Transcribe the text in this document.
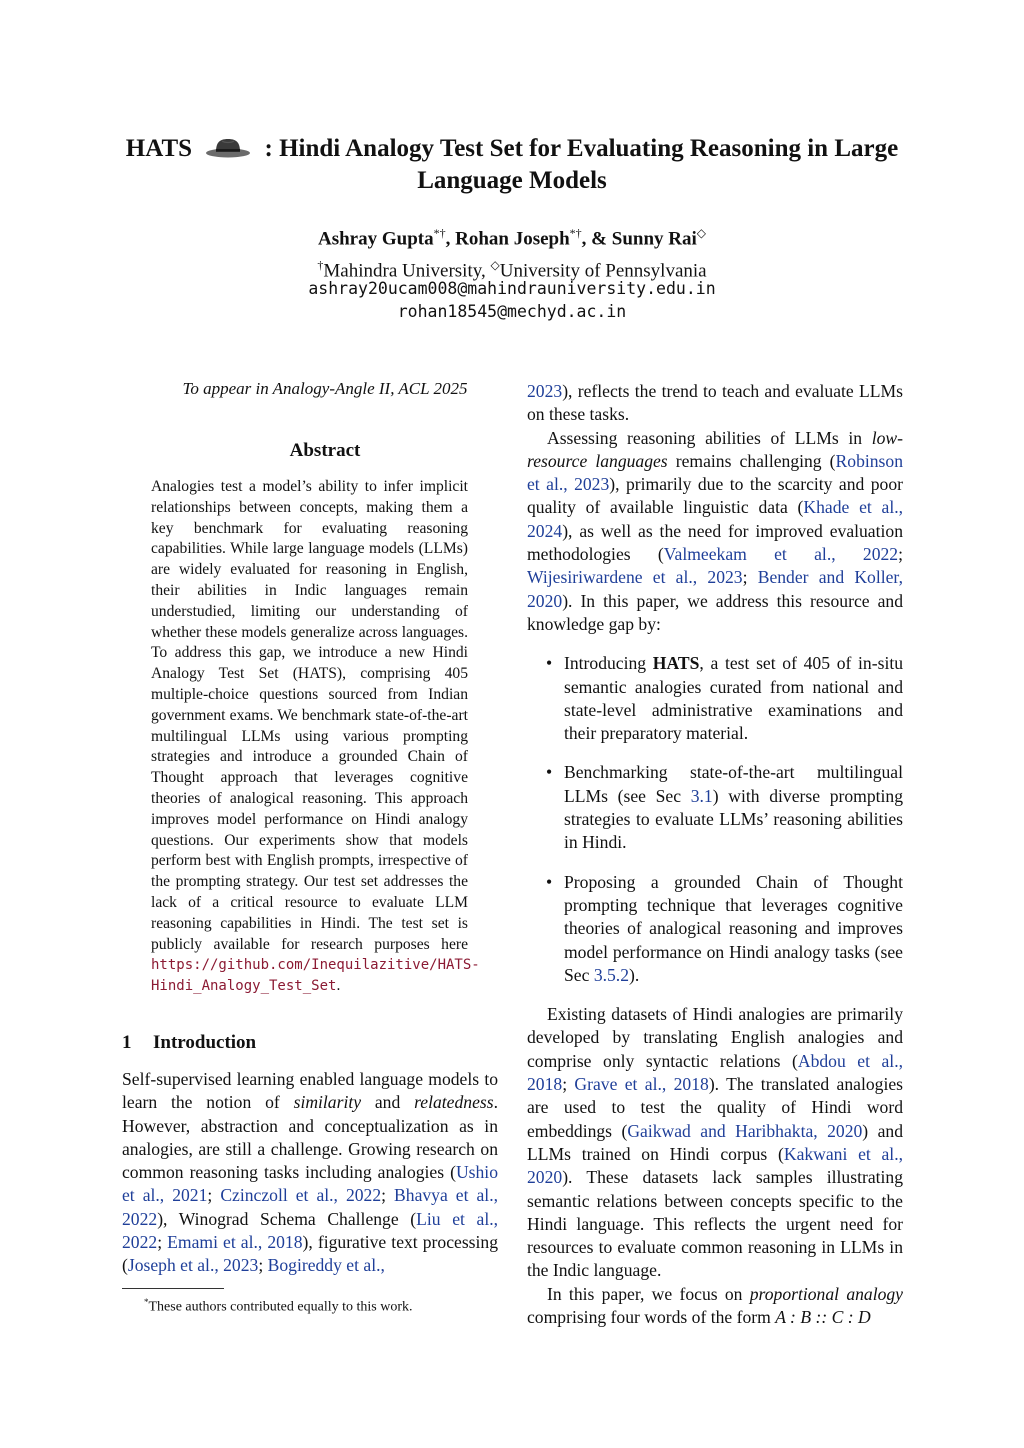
HATS	: Hindi Analogy Test Set for Evaluating Reasoning in Large
Language Models
Ashray Gupta*†, Rohan Joseph*†, & Sunny Rai◇
†Mahindra University, ◇University of Pennsylvania
ashray20ucam008@mahindrauniversity.edu.in
rohan18545@mechyd.ac.in
To appear in Analogy-Angle II, ACL 2025
Abstract
Analogies test a model’s ability to infer implicit relationships between concepts, making them a key benchmark for evaluating reasoning capabilities. While large language models (LLMs) are widely evaluated for reasoning in English, their abilities in Indic languages remain understudied, limiting our understanding of whether these models generalize across languages. To address this gap, we introduce a new Hindi Analogy Test Set (HATS), comprising 405 multiple-choice questions sourced from Indian government exams. We benchmark state-of-the-art multilingual LLMs using various prompting strategies and introduce a grounded Chain of Thought approach that leverages cognitive theories of analogical reasoning. This approach improves model performance on Hindi analogy questions. Our experiments show that models perform best with English prompts, irrespective of the prompting strategy. Our test set addresses the lack of a critical resource to evaluate LLM reasoning capabilities in Hindi. The test set is publicly available for research purposes here https://github.com/Inequilazitive/HATS-Hindi_Analogy_Test_Set.
1 Introduction
Self-supervised learning enabled language models to learn the notion of similarity and relatedness. However, abstraction and conceptualization as in analogies, are still a challenge. Growing research on common reasoning tasks including analogies (Ushio et al., 2021; Czinczoll et al., 2022; Bhavya et al., 2022), Winograd Schema Challenge (Liu et al., 2022; Emami et al., 2018), figurative text processing (Joseph et al., 2023; Bogireddy et al.,
*These authors contributed equally to this work.

2023), reflects the trend to teach and evaluate LLMs on these tasks.

Assessing reasoning abilities of LLMs in low-resource languages remains challenging (Robinson et al., 2023), primarily due to the scarcity and poor quality of available linguistic data (Khade et al., 2024), as well as the need for improved evaluation methodologies (Valmeekam et al., 2022; Wijesiriwardene et al., 2023; Bender and Koller, 2020). In this paper, we address this resource and knowledge gap by:

• Introducing HATS, a test set of 405 of in-situ semantic analogies curated from national and state-level administrative examinations and their preparatory material.
• Benchmarking state-of-the-art multilingual LLMs (see Sec 3.1) with diverse prompting strategies to evaluate LLMs’ reasoning abilities in Hindi.
• Proposing a grounded Chain of Thought prompting technique that leverages cognitive theories of analogical reasoning and improves model performance on Hindi analogy tasks (see Sec 3.5.2).

Existing datasets of Hindi analogies are primarily developed by translating English analogies and comprise only syntactic relations (Abdou et al., 2018; Grave et al., 2018). The translated analogies are used to test the quality of Hindi word embeddings (Gaikwad and Haribhakta, 2020) and LLMs trained on Hindi corpus (Kakwani et al., 2020). These datasets lack samples illustrating semantic relations between concepts specific to the Hindi language. This reflects the urgent need for resources to evaluate common reasoning in LLMs in the Indic language.

In this paper, we focus on proportional analogy comprising four words of the form A : B :: C : D
